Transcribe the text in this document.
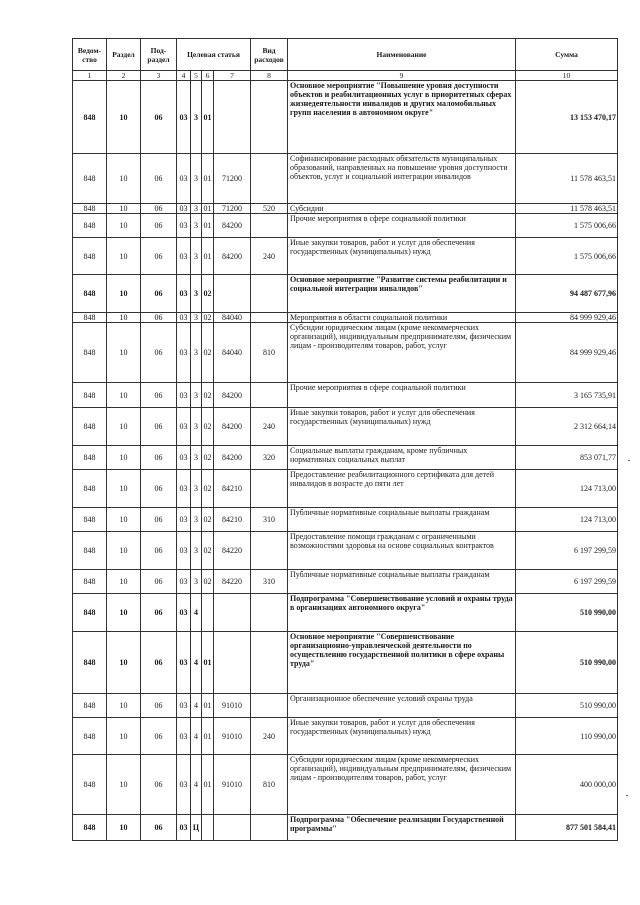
Ведом-ство	Раздел	Под-раздел	Целевая статья				Вид расходов	Наименование	Сумма
1	2	3	4	5	6	7	8	9	10
848	10	06	03	3	01			Основное мероприятие "Повышение уровня доступности объектов и реабилитационных услуг в приоритетных сферах жизнедеятельности инвалидов и других маломобильных групп населения в автономном округе"	13 153 470,17
848	10	06	03	3	01	71200		Софинансирование расходных обязательств муниципальных образований, направленных на повышение уровня доступности объектов, услуг и социальной интеграции инвалидов	11 578 463,51
848	10	06	03	3	01	71200	520	Субсидии	11 578 463,51
848	10	06	03	3	01	84200		Прочие мероприятия в сфере социальной политики	1 575 006,66
848	10	06	03	3	01	84200	240	Иные закупки товаров, работ и услуг для обеспечения государственных (муниципальных) нужд	1 575 006,66
848	10	06	03	3	02			Основное мероприятие "Развитие системы реабилитации и социальной интеграции инвалидов"	94 487 677,96
848	10	06	03	3	02	84040		Мероприятия в области социальной политики	84 999 929,46
848	10	06	03	3	02	84040	810	Субсидии юридическим лицам (кроме некоммерческих организаций), индивидуальным предпринимателям, физическим лицам - производителям товаров, работ, услуг	84 999 929,46
848	10	06	03	3	02	84200		Прочие мероприятия в сфере социальной политики	3 165 735,91
848	10	06	03	3	02	84200	240	Иные закупки товаров, работ и услуг для обеспечения государственных (муниципальных) нужд	2 312 664,14
848	10	06	03	3	02	84200	320	Социальные выплаты гражданам, кроме публичных нормативных социальных выплат	853 071,77
848	10	06	03	3	02	84210		Предоставление реабилитационного сертификата для детей инвалидов в возрасте до пяти лет	124 713,00
848	10	06	03	3	02	84210	310	Публичные нормативные социальные выплаты гражданам	124 713,00
848	10	06	03	3	02	84220		Предоставление помощи гражданам с ограниченными возможностями здоровья на основе социальных контрактов	6 197 299,59
848	10	06	03	3	02	84220	310	Публичные нормативные социальные выплаты гражданам	6 197 299,59
848	10	06	03	4				Подпрограмма "Совершенствование условий и охраны труда в организациях автономного округа"	510 990,00
848	10	06	03	4	01			Основное мероприятие "Совершенствование организационно-управленческой деятельности по осуществлению государственной политики в сфере охраны труда"	510 990,00
848	10	06	03	4	01	91010		Организационное обеспечение условий охраны труда	510 990,00
848	10	06	03	4	01	91010	240	Иные закупки товаров, работ и услуг для обеспечения государственных (муниципальных) нужд	110 990,00
848	10	06	03	4	01	91010	810	Субсидии юридическим лицам (кроме некоммерческих организаций), индивидуальным предпринимателям, физическим лицам - производителям товаров, работ, услуг	400 000,00
848	10	06	03	Ц				Подпрограмма "Обеспечение реализации Государственной программы"	877 501 584,41
